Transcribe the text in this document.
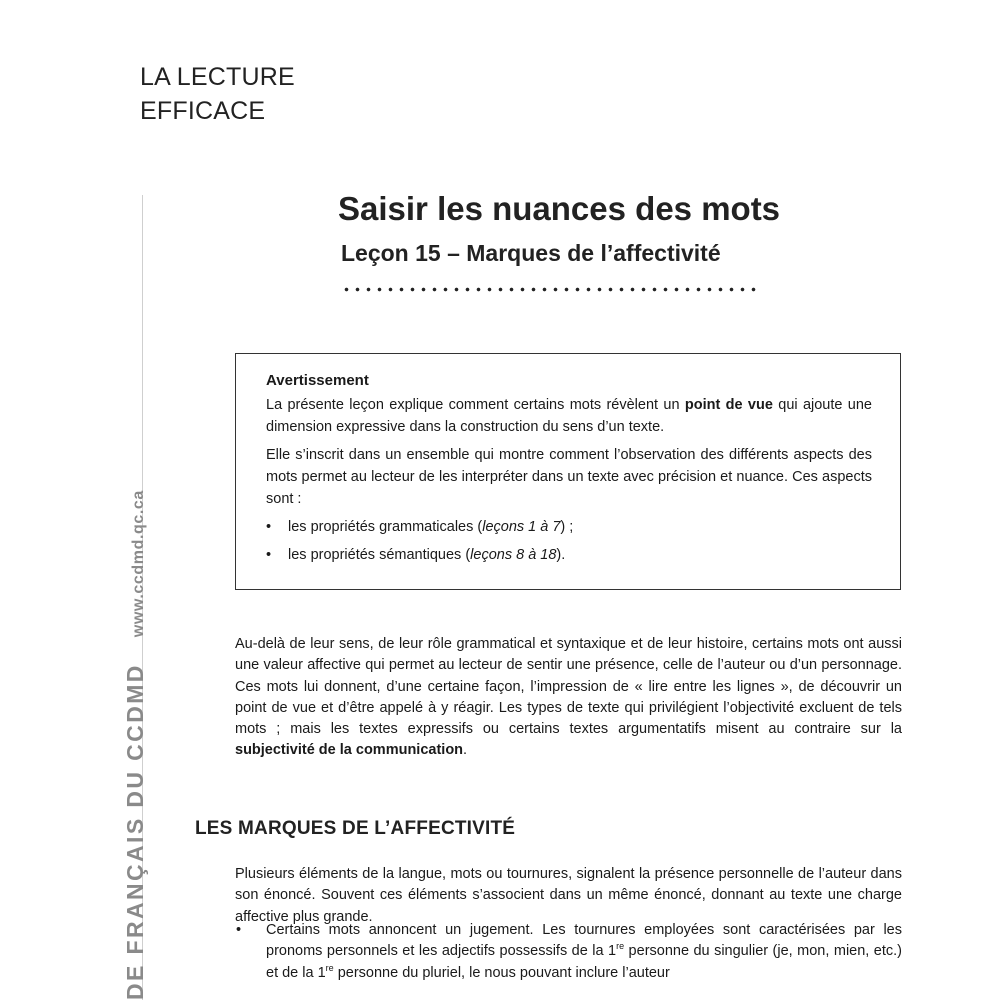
LA LECTURE
EFFICACE
DE FRANÇAIS DU CCDMD
www.ccdmd.qc.ca
Saisir les nuances des mots
Leçon 15 – Marques de l’affectivité
Avertissement

La présente leçon explique comment certains mots révèlent un point de vue qui ajoute une dimension expressive dans la construction du sens d’un texte.

Elle s’inscrit dans un ensemble qui montre comment l’observation des différents aspects des mots permet au lecteur de les interpréter dans un texte avec précision et nuance. Ces aspects sont :

• les propriétés grammaticales (leçons 1 à 7) ;
• les propriétés sémantiques (leçons 8 à 18).

Au-delà de leur sens, de leur rôle grammatical et syntaxique et de leur histoire, certains mots ont aussi une valeur affective qui permet au lecteur de sentir une présence, celle de l’auteur ou d’un personnage. Ces mots lui donnent, d’une certaine façon, l’impression de « lire entre les lignes », de découvrir un point de vue et d’être appelé à y réagir. Les types de texte qui privilégient l’objectivité excluent de tels mots ; mais les textes expressifs ou certains textes argumentatifs misent au contraire sur la subjectivité de la communication.

LES MARQUES DE L’AFFECTIVITÉ

Plusieurs éléments de la langue, mots ou tournures, signalent la présence personnelle de l’auteur dans son énoncé. Souvent ces éléments s’associent dans un même énoncé, donnant au texte une charge affective plus grande.

• Certains mots annoncent un jugement. Les tournures employées sont caractérisées par les pronoms personnels et les adjectifs possessifs de la 1re personne du singulier (je, mon, mien, etc.) et de la 1re personne du pluriel, le nous pouvant inclure l’auteur
